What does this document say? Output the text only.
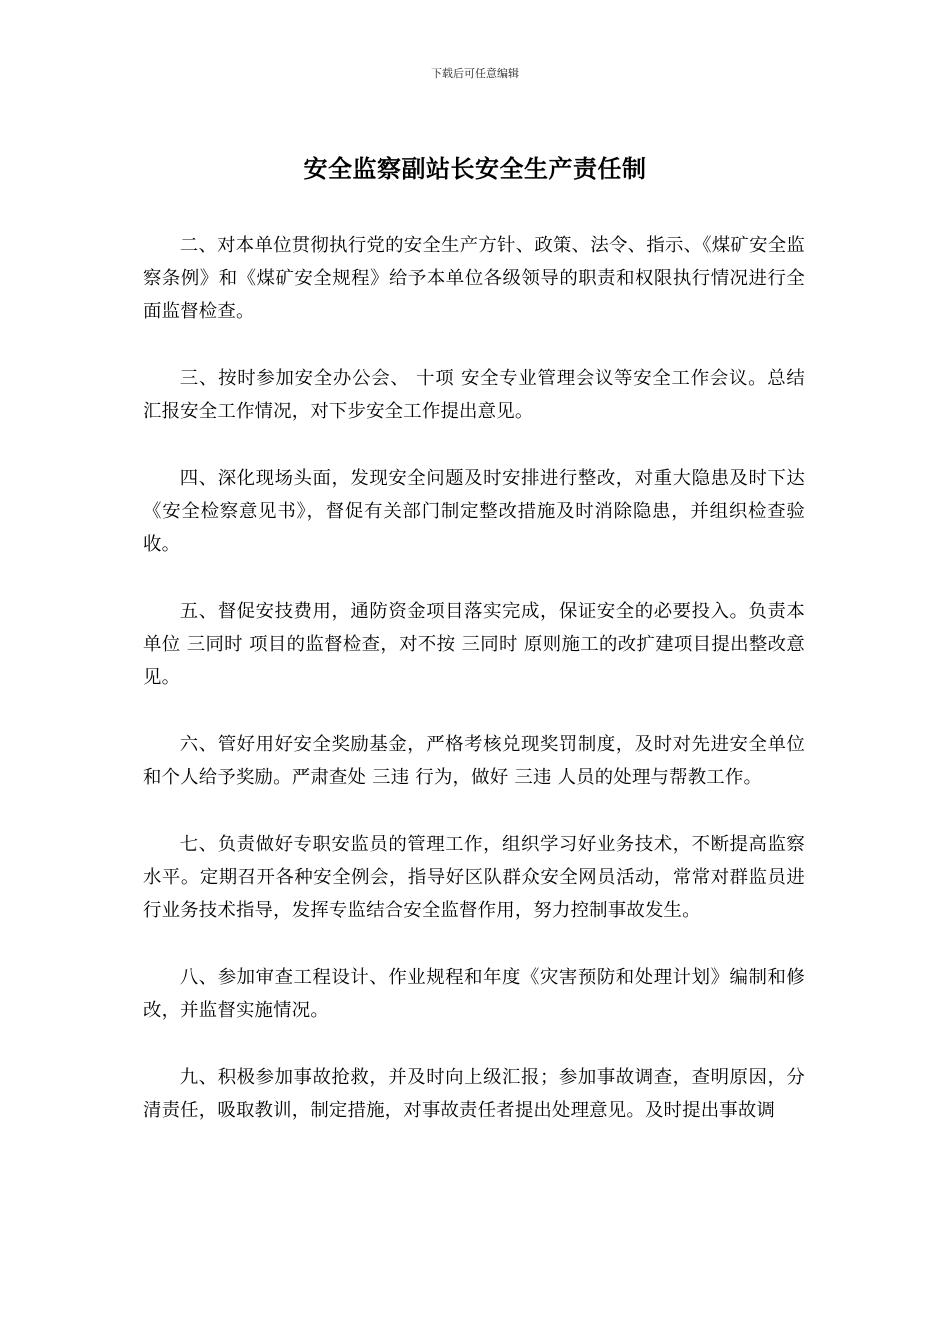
下载后可任意编辑
安全监察副站长安全生产责任制

二、对本单位贯彻执行党的安全生产方针、政策、法令、指示、《煤矿安全监察条例》和《煤矿安全规程》给予本单位各级领导的职责和权限执行情况进行全面监督检查。

三、按时参加安全办公会、 十项 安全专业管理会议等安全工作会议。总结汇报安全工作情况，对下步安全工作提出意见。

四、深化现场头面，发现安全问题及时安排进行整改，对重大隐患及时下达《安全检察意见书》，督促有关部门制定整改措施及时消除隐患，并组织检查验收。

五、督促安技费用，通防资金项目落实完成，保证安全的必要投入。负责本单位 三同时 项目的监督检查，对不按 三同时 原则施工的改扩建项目提出整改意见。

六、管好用好安全奖励基金，严格考核兑现奖罚制度，及时对先进安全单位和个人给予奖励。严肃查处 三违 行为，做好 三违 人员的处理与帮教工作。

七、负责做好专职安监员的管理工作，组织学习好业务技术，不断提高监察水平。定期召开各种安全例会，指导好区队群众安全网员活动，常常对群监员进行业务技术指导，发挥专监结合安全监督作用，努力控制事故发生。

八、参加审查工程设计、作业规程和年度《灾害预防和处理计划》编制和修改，并监督实施情况。

九、积极参加事故抢救，并及时向上级汇报；参加事故调查，查明原因，分清责任，吸取教训，制定措施，对事故责任者提出处理意见。及时提出事故调
